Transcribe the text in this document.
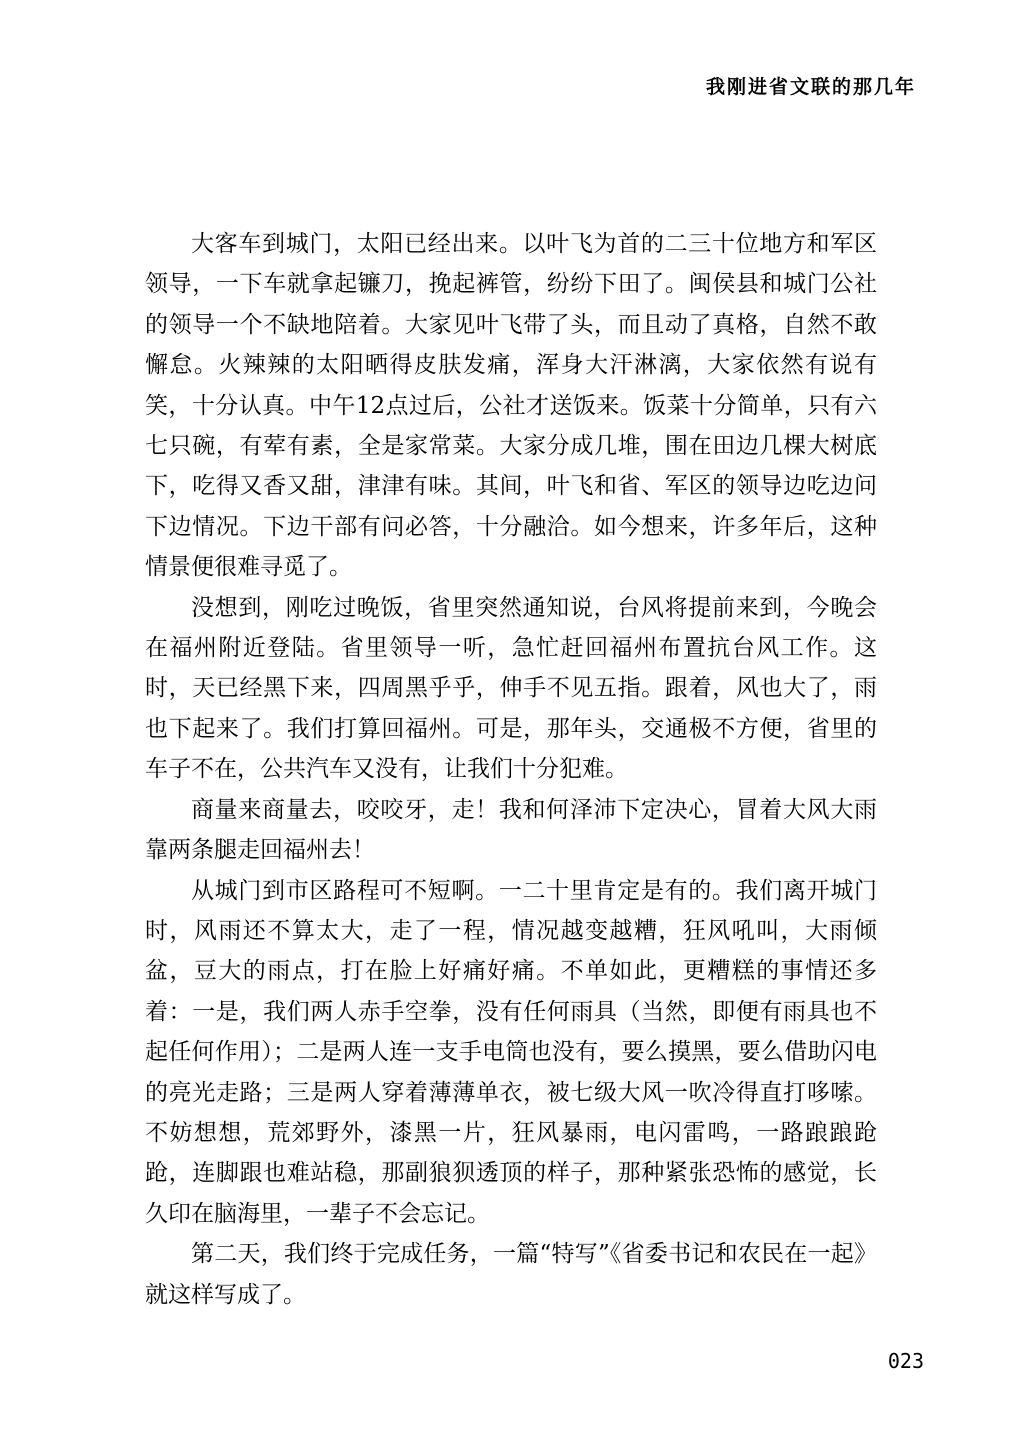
我刚进省文联的那几年

大客车到城门，太阳已经出来。以叶飞为首的二三十位地方和军区领导，一下车就拿起镰刀，挽起裤管，纷纷下田了。闽侯县和城门公社的领导一个不缺地陪着。大家见叶飞带了头，而且动了真格，自然不敢懈怠。火辣辣的太阳晒得皮肤发痛，浑身大汗淋漓，大家依然有说有笑，十分认真。中午12点过后，公社才送饭来。饭菜十分简单，只有六七只碗，有荤有素，全是家常菜。大家分成几堆，围在田边几棵大树底下，吃得又香又甜，津津有味。其间，叶飞和省、军区的领导边吃边问下边情况。下边干部有问必答，十分融洽。如今想来，许多年后，这种情景便很难寻觅了。

没想到，刚吃过晚饭，省里突然通知说，台风将提前来到，今晚会在福州附近登陆。省里领导一听，急忙赶回福州布置抗台风工作。这时，天已经黑下来，四周黑乎乎，伸手不见五指。跟着，风也大了，雨也下起来了。我们打算回福州。可是，那年头，交通极不方便，省里的车子不在，公共汽车又没有，让我们十分犯难。

商量来商量去，咬咬牙，走！我和何泽沛下定决心，冒着大风大雨靠两条腿走回福州去！

从城门到市区路程可不短啊。一二十里肯定是有的。我们离开城门时，风雨还不算太大，走了一程，情况越变越糟，狂风吼叫，大雨倾盆，豆大的雨点，打在脸上好痛好痛。不单如此，更糟糕的事情还多着：一是，我们两人赤手空拳，没有任何雨具（当然，即便有雨具也不起任何作用）；二是两人连一支手电筒也没有，要么摸黑，要么借助闪电的亮光走路；三是两人穿着薄薄单衣，被七级大风一吹冷得直打哆嗦。不妨想想，荒郊野外，漆黑一片，狂风暴雨，电闪雷鸣，一路踉踉跄跄，连脚跟也难站稳，那副狼狈透顶的样子，那种紧张恐怖的感觉，长久印在脑海里，一辈子不会忘记。

第二天，我们终于完成任务，一篇“特写”《省委书记和农民在一起》就这样写成了。

023
